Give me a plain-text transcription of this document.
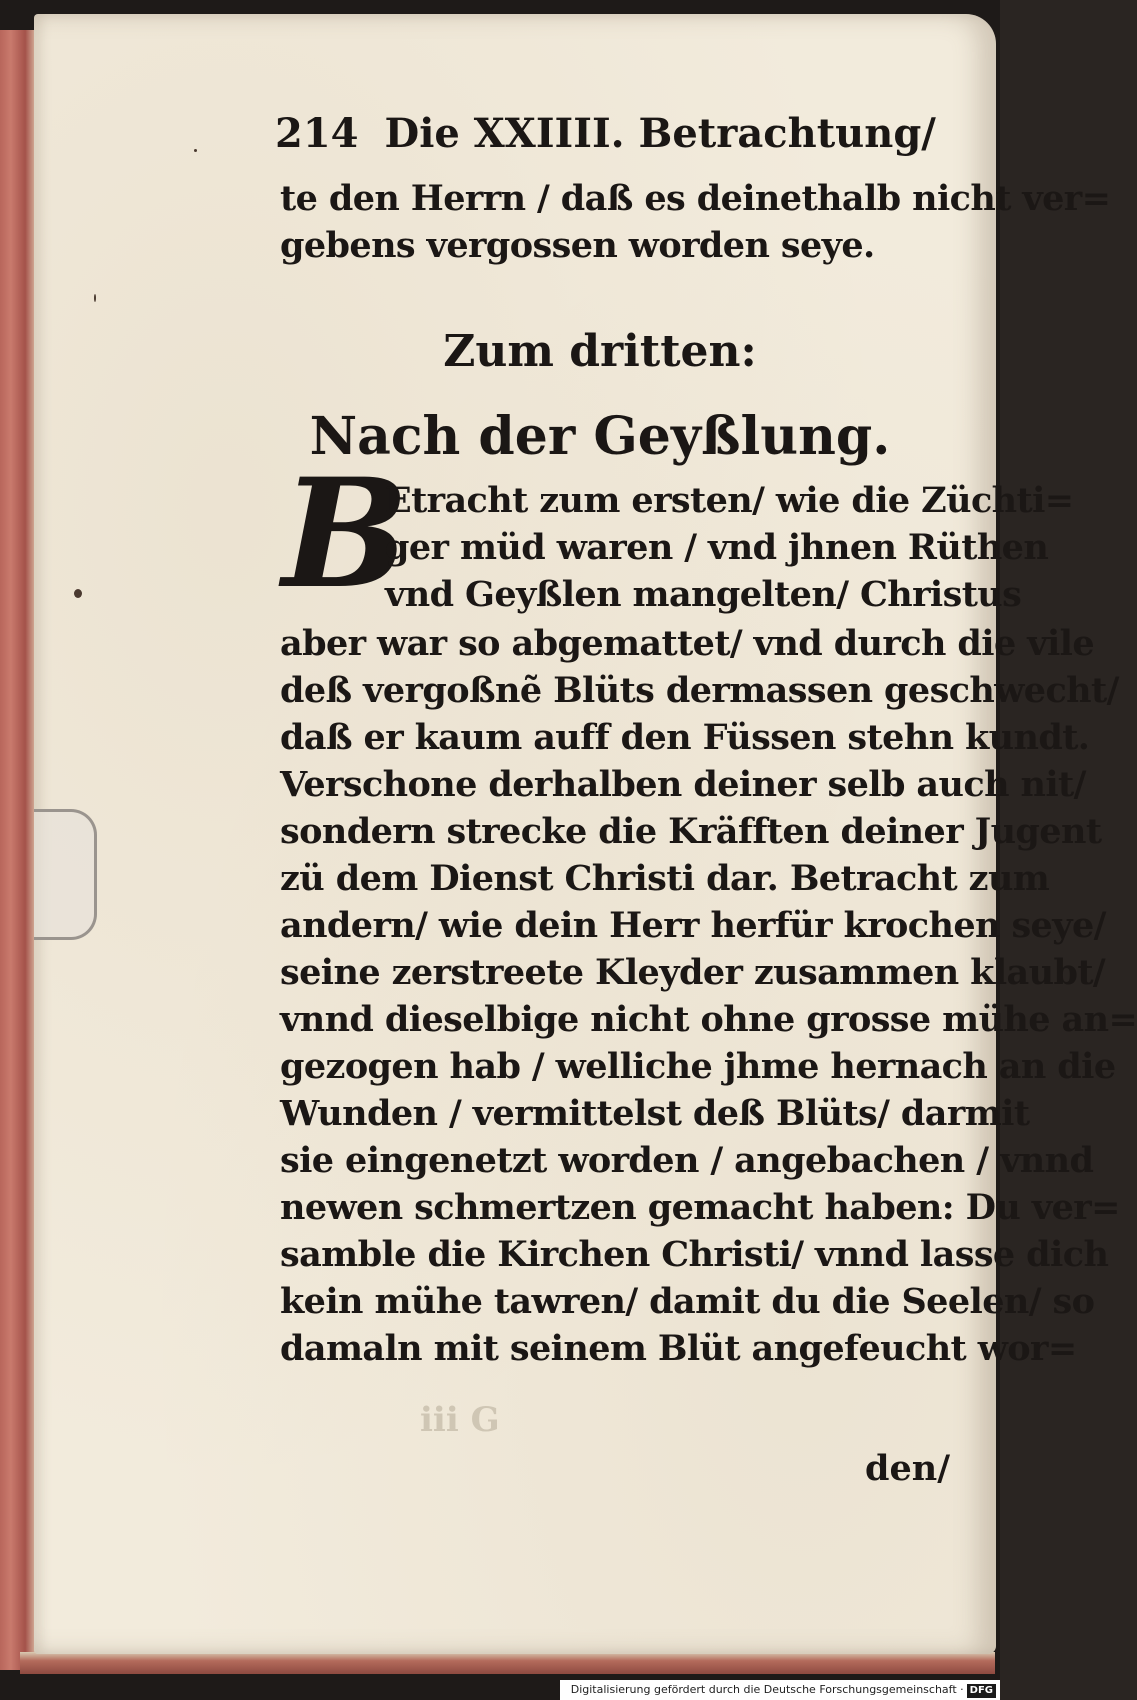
214 Die XXIIII. Betrachtung/
te den Herrn / daß es deinethalb nicht ver=
gebens vergossen worden seye.
Zum dritten:
Nach der Geyßlung.
B
Etracht zum ersten/ wie die Züchti=
ger müd waren / vnd jhnen Rüthen
vnd Geyßlen mangelten/ Christus
aber war so abgemattet/ vnd durch die vile
deß vergoßnẽ Blüts dermassen geschwecht/
daß er kaum auff den Füssen stehn kundt.
Verschone derhalben deiner selb auch nit/
sondern strecke die Kräfften deiner Jugent
zü dem Dienst Christi dar. Betracht zum
andern/ wie dein Herr herfür krochen seye/
seine zerstreete Kleyder zusammen klaubt/
vnnd dieselbige nicht ohne grosse mühe an=
gezogen hab / welliche jhme hernach an die
Wunden / vermittelst deß Blüts/ darmit
sie eingenetzt worden / angebachen / vnnd
newen schmertzen gemacht haben: Du ver=
samble die Kirchen Christi/ vnnd lasse dich
kein mühe tawren/ damit du die Seelen/ so
damaln mit seinem Blüt angefeucht wor=
iii G
den/
Digitalisierung gefördert durch die Deutsche Forschungsgemeinschaft · DFG
